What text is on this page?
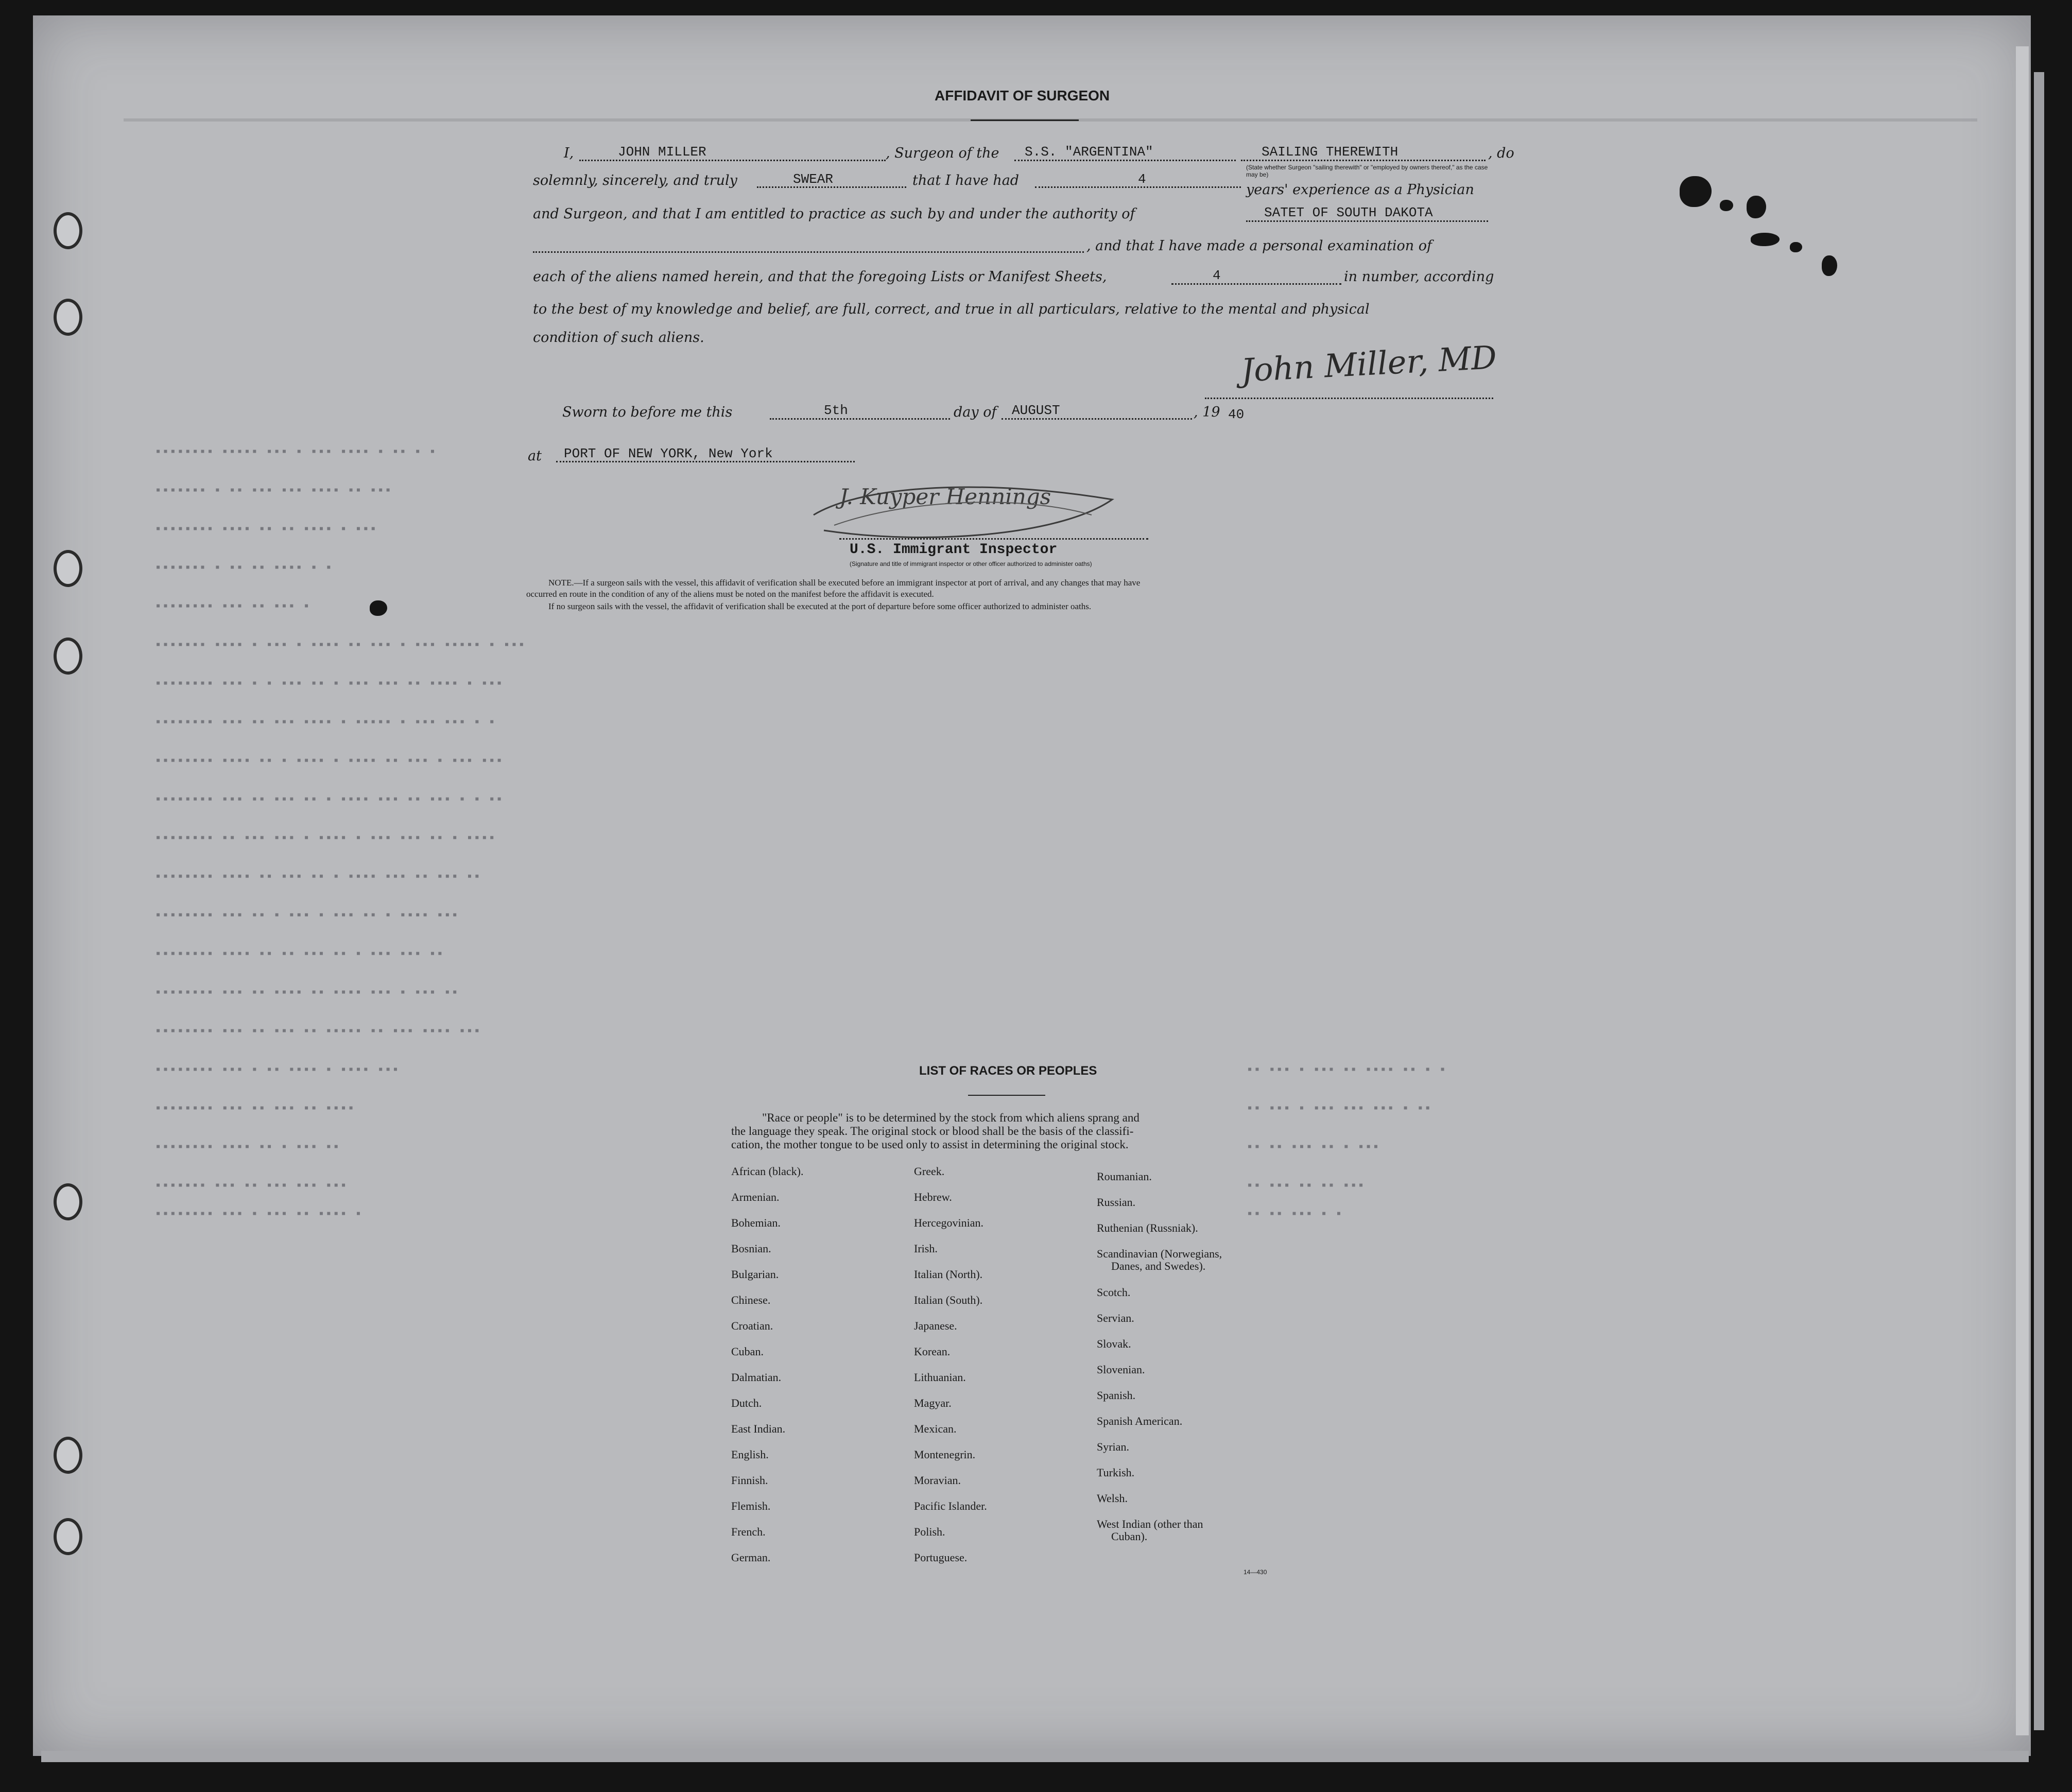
▪▪▪▪▪▪▪▪ ▪▪▪▪▪ ▪▪▪ ▪ ▪▪▪ ▪▪▪▪ ▪ ▪▪ ▪ ▪
▪▪▪▪▪▪▪ ▪ ▪▪ ▪▪▪ ▪▪▪ ▪▪▪▪ ▪▪ ▪▪▪
▪▪▪▪▪▪▪▪ ▪▪▪▪ ▪▪ ▪▪ ▪▪▪▪ ▪ ▪▪▪
▪▪▪▪▪▪▪ ▪ ▪▪ ▪▪ ▪▪▪▪ ▪ ▪
▪▪▪▪▪▪▪▪ ▪▪▪ ▪▪ ▪▪▪ ▪
▪▪▪▪▪▪▪ ▪▪▪▪ ▪ ▪▪▪ ▪ ▪▪▪▪ ▪▪ ▪▪▪ ▪ ▪▪▪ ▪▪▪▪▪ ▪ ▪▪▪
▪▪▪▪▪▪▪▪ ▪▪▪ ▪ ▪ ▪▪▪ ▪▪ ▪ ▪▪▪ ▪▪▪ ▪▪ ▪▪▪▪ ▪ ▪▪▪
▪▪▪▪▪▪▪▪ ▪▪▪ ▪▪ ▪▪▪ ▪▪▪▪ ▪ ▪▪▪▪▪ ▪ ▪▪▪ ▪▪▪ ▪ ▪
▪▪▪▪▪▪▪▪ ▪▪▪▪ ▪▪ ▪ ▪▪▪▪ ▪ ▪▪▪▪ ▪▪ ▪▪▪ ▪ ▪▪▪ ▪▪▪
▪▪▪▪▪▪▪▪ ▪▪▪ ▪▪ ▪▪▪ ▪▪ ▪ ▪▪▪▪ ▪▪▪ ▪▪ ▪▪▪ ▪ ▪ ▪▪
▪▪▪▪▪▪▪▪ ▪▪ ▪▪▪ ▪▪▪ ▪ ▪▪▪▪ ▪ ▪▪▪ ▪▪▪ ▪▪ ▪ ▪▪▪▪
▪▪▪▪▪▪▪▪ ▪▪▪▪ ▪▪ ▪▪▪ ▪▪ ▪ ▪▪▪▪ ▪▪▪ ▪▪ ▪▪▪ ▪▪
▪▪▪▪▪▪▪▪ ▪▪▪ ▪▪ ▪ ▪▪▪ ▪ ▪▪▪ ▪▪ ▪ ▪▪▪▪ ▪▪▪
▪▪▪▪▪▪▪▪ ▪▪▪▪ ▪▪ ▪▪ ▪▪▪ ▪▪ ▪ ▪▪▪ ▪▪▪ ▪▪
▪▪▪▪▪▪▪▪ ▪▪▪ ▪▪ ▪▪▪▪ ▪▪ ▪▪▪▪ ▪▪▪ ▪ ▪▪▪ ▪▪
▪▪▪▪▪▪▪▪ ▪▪▪ ▪▪ ▪▪▪ ▪▪ ▪▪▪▪▪ ▪▪ ▪▪▪ ▪▪▪▪ ▪▪▪
▪▪▪▪▪▪▪▪ ▪▪▪ ▪ ▪▪ ▪▪▪▪ ▪ ▪▪▪▪ ▪▪▪
▪▪▪▪▪▪▪▪ ▪▪▪ ▪▪ ▪▪▪ ▪▪ ▪▪▪▪
▪▪▪▪▪▪▪▪ ▪▪▪▪ ▪▪ ▪ ▪▪▪ ▪▪
▪▪▪▪▪▪▪ ▪▪▪ ▪▪ ▪▪▪ ▪▪▪ ▪▪▪
▪▪▪▪▪▪▪▪ ▪▪▪ ▪ ▪▪▪ ▪▪ ▪▪▪▪ ▪
▪▪ ▪▪▪ ▪ ▪▪▪ ▪▪ ▪▪▪▪ ▪▪ ▪ ▪
▪▪ ▪▪▪ ▪ ▪▪▪ ▪▪▪ ▪▪▪ ▪ ▪▪
▪▪ ▪▪ ▪▪▪ ▪▪ ▪ ▪▪▪
▪▪ ▪▪▪ ▪▪ ▪▪ ▪▪▪
▪▪ ▪▪ ▪▪▪ ▪ ▪
AFFIDAVIT OF SURGEON
I,	JOHN MILLER	, Surgeon of the S.S. "ARGENTINA"	SAILING THEREWITH	, do
(State whether Surgeon "sailing therewith" or "employed by owners thereof," as the case may be)
solemnly, sincerely, and truly	SWEAR	that I have had	4
years' experience as a Physician
and Surgeon, and that I am entitled to practice as such by and under the authority of	SATET OF SOUTH DAKOTA
, and that I have made a personal examination of
each of the aliens named herein, and that the foregoing Lists or Manifest Sheets,	4	in number, according
to the best of my knowledge and belief, are full, correct, and true in all particulars, relative to the mental and physical
condition of such aliens.
John Miller, MD
Sworn to before me this	5th	day of AUGUST	, 19 40
at PORT OF NEW YORK, New York
J. Kuyper Hennings
U.S. Immigrant Inspector
(Signature and title of immigrant inspector or other officer authorized to administer oaths)
NOTE.—If a surgeon sails with the vessel, this affidavit of verification shall be executed before an immigrant inspector at port of arrival, and any changes that may have
occurred en route in the condition of any of the aliens must be noted on the manifest before the affidavit is executed.
If no surgeon sails with the vessel, the affidavit of verification shall be executed at the port of departure before some officer authorized to administer oaths.
LIST OF RACES OR PEOPLES
"Race or people" is to be determined by the stock from which aliens sprang and
the language they speak. The original stock or blood shall be the basis of the classifi-
cation, the mother tongue to be used only to assist in determining the original stock.
African (black).
Armenian.
Bohemian.
Bosnian.
Bulgarian.
Chinese.
Croatian.
Cuban.
Dalmatian.
Dutch.
East Indian.
English.
Finnish.
Flemish.
French.
German.
Greek.
Hebrew.
Hercegovinian.
Irish.
Italian (North).
Italian (South).
Japanese.
Korean.
Lithuanian.
Magyar.
Mexican.
Montenegrin.
Moravian.
Pacific Islander.
Polish.
Portuguese.
Roumanian.
Russian.
Ruthenian (Russniak).
Scandinavian (Norwegians,
Danes, and Swedes).
Scotch.
Servian.
Slovak.
Slovenian.
Spanish.
Spanish American.
Syrian.
Turkish.
Welsh.
West Indian (other than
Cuban).
14—430
